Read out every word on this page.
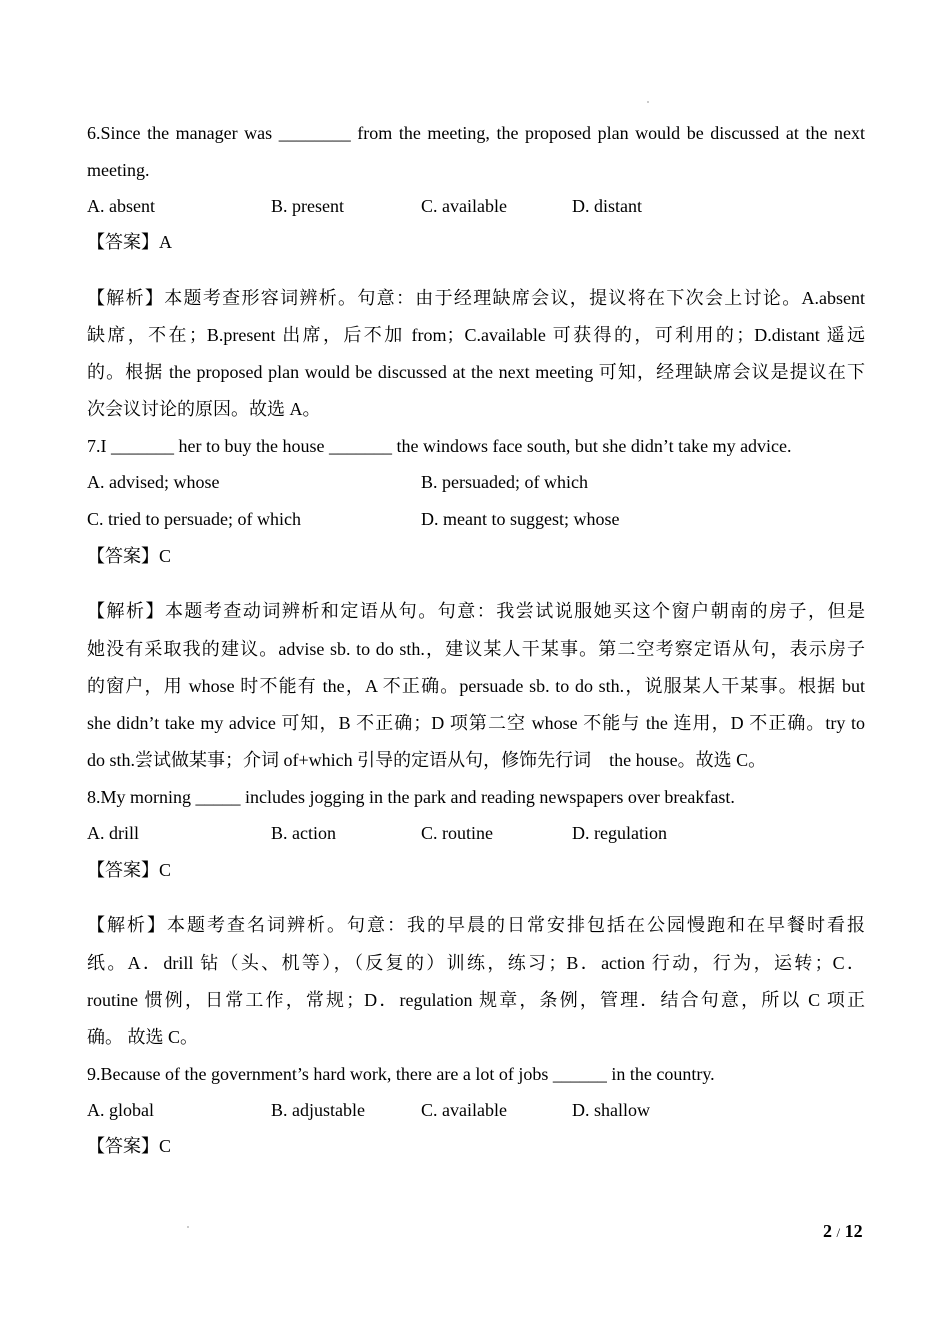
6.Since the manager was ________ from the meeting, the proposed plan would be discussed at the next
meeting.
A. absent	B. present	C. available	D. distant
【答案】A
【解析】本题考查形容词辨析。句意：由于经理缺席会议，提议将在下次会上讨论。A.absent
缺席，不在；B.present 出席，后不加 from；C.available 可获得的，可利用的；D.distant 遥远
的。根据 the proposed plan would be discussed at the next meeting 可知，经理缺席会议是提议在下
次会议讨论的原因。故选 A。
7.I _______ her to buy the house _______ the windows face south, but she didn’t take my advice.
A. advised; whose	B. persuaded; of which
C. tried to persuade; of which	D. meant to suggest; whose
【答案】C
【解析】本题考查动词辨析和定语从句。句意：我尝试说服她买这个窗户朝南的房子，但是
她没有采取我的建议。advise sb. to do sth.，建议某人干某事。第二空考察定语从句，表示房子
的窗户，用 whose 时不能有 the，A 不正确。persuade sb. to do sth.，说服某人干某事。根据 but
she didn’t take my advice 可知，B 不正确；D 项第二空 whose 不能与 the 连用，D 不正确。try to
do sth.尝试做某事；介词 of+which 引导的定语从句，修饰先行词　the house。故选 C。
8.My morning _____ includes jogging in the park and reading newspapers over breakfast.
A. drill	B. action	C. routine	D. regulation
【答案】C
【解析】本题考查名词辨析。句意：我的早晨的日常安排包括在公园慢跑和在早餐时看报
纸。A．drill 钻（头、机等），（反复的）训练，练习；B．action 行动，行为，运转；C．
routine 惯例，日常工作，常规；D．regulation 规章，条例，管理．结合句意，所以 C 项正
确。 故选 C。
9.Because of the government’s hard work, there are a lot of jobs ______ in the country.
A. global	B. adjustable	C. available	D. shallow
【答案】C
2 / 12
